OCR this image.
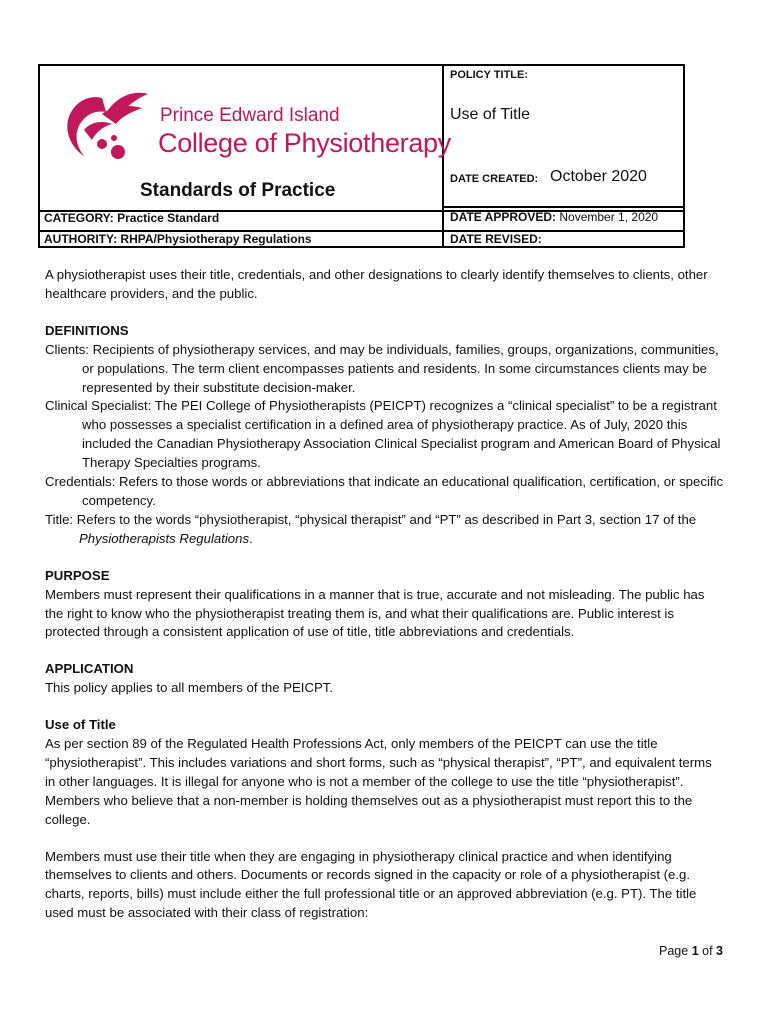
Prince Edward Island
College of Physiotherapy
Standards of Practice
POLICY TITLE:
Use of Title
DATE CREATED: October 2020
DATE APPROVED: November 1, 2020
DATE REVISED:
CATEGORY: Practice Standard
AUTHORITY: RHPA/Physiotherapy Regulations

A physiotherapist uses their title, credentials, and other designations to clearly identify themselves to clients, other healthcare providers, and the public.

DEFINITIONS

Clients: Recipients of physiotherapy services, and may be individuals, families, groups, organizations, communities, or populations. The term client encompasses patients and residents. In some circumstances clients may be represented by their substitute decision-maker.

Clinical Specialist: The PEI College of Physiotherapists (PEICPT) recognizes a “clinical specialist” to be a registrant who possesses a specialist certification in a defined area of physiotherapy practice. As of July, 2020 this included the Canadian Physiotherapy Association Clinical Specialist program and American Board of Physical Therapy Specialties programs.

Credentials: Refers to those words or abbreviations that indicate an educational qualification, certification, or specific competency.

Title: Refers to the words “physiotherapist, “physical therapist” and “PT” as described in Part 3, section 17 of the Physiotherapists Regulations.

PURPOSE

Members must represent their qualifications in a manner that is true, accurate and not misleading. The public has the right to know who the physiotherapist treating them is, and what their qualifications are. Public interest is protected through a consistent application of use of title, title abbreviations and credentials.

APPLICATION

This policy applies to all members of the PEICPT.

Use of Title

As per section 89 of the Regulated Health Professions Act, only members of the PEICPT can use the title “physiotherapist”. This includes variations and short forms, such as “physical therapist”, “PT”, and equivalent terms in other languages. It is illegal for anyone who is not a member of the college to use the title “physiotherapist”. Members who believe that a non-member is holding themselves out as a physiotherapist must report this to the college.

Members must use their title when they are engaging in physiotherapy clinical practice and when identifying themselves to clients and others. Documents or records signed in the capacity or role of a physiotherapist (e.g. charts, reports, bills) must include either the full professional title or an approved abbreviation (e.g. PT). The title used must be associated with their class of registration:

Page 1 of 3
